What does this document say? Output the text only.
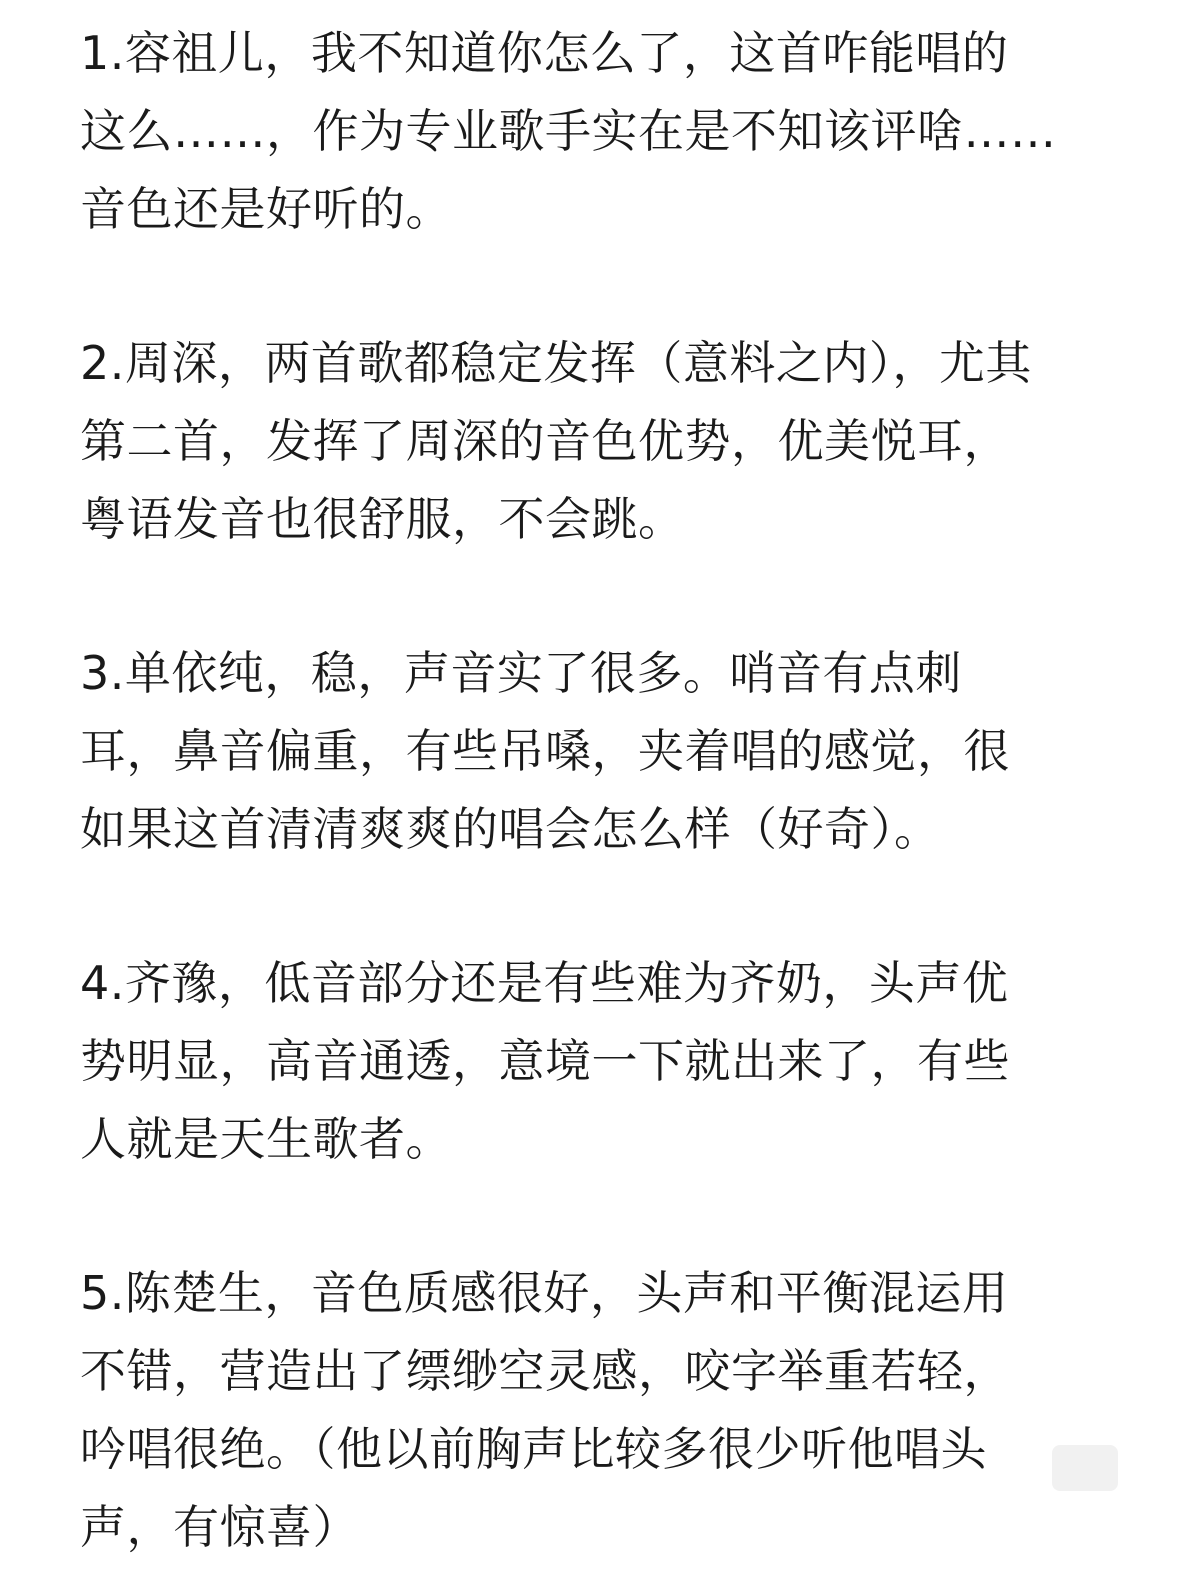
1.容祖儿，我不知道你怎么了，这首咋能唱的
这么……，作为专业歌手实在是不知该评啥……
音色还是好听的。

2.周深，两首歌都稳定发挥（意料之内），尤其
第二首，发挥了周深的音色优势，优美悦耳，
粤语发音也很舒服，不会跳。

3.单依纯，稳，声音实了很多。哨音有点刺
耳，鼻音偏重，有些吊嗓，夹着唱的感觉，很
如果这首清清爽爽的唱会怎么样（好奇）。

4.齐豫，低音部分还是有些难为齐奶，头声优
势明显，高音通透，意境一下就出来了，有些
人就是天生歌者。

5.陈楚生，音色质感很好，头声和平衡混运用
不错，营造出了缥缈空灵感，咬字举重若轻，
吟唱很绝。（他以前胸声比较多很少听他唱头
声，有惊喜）
